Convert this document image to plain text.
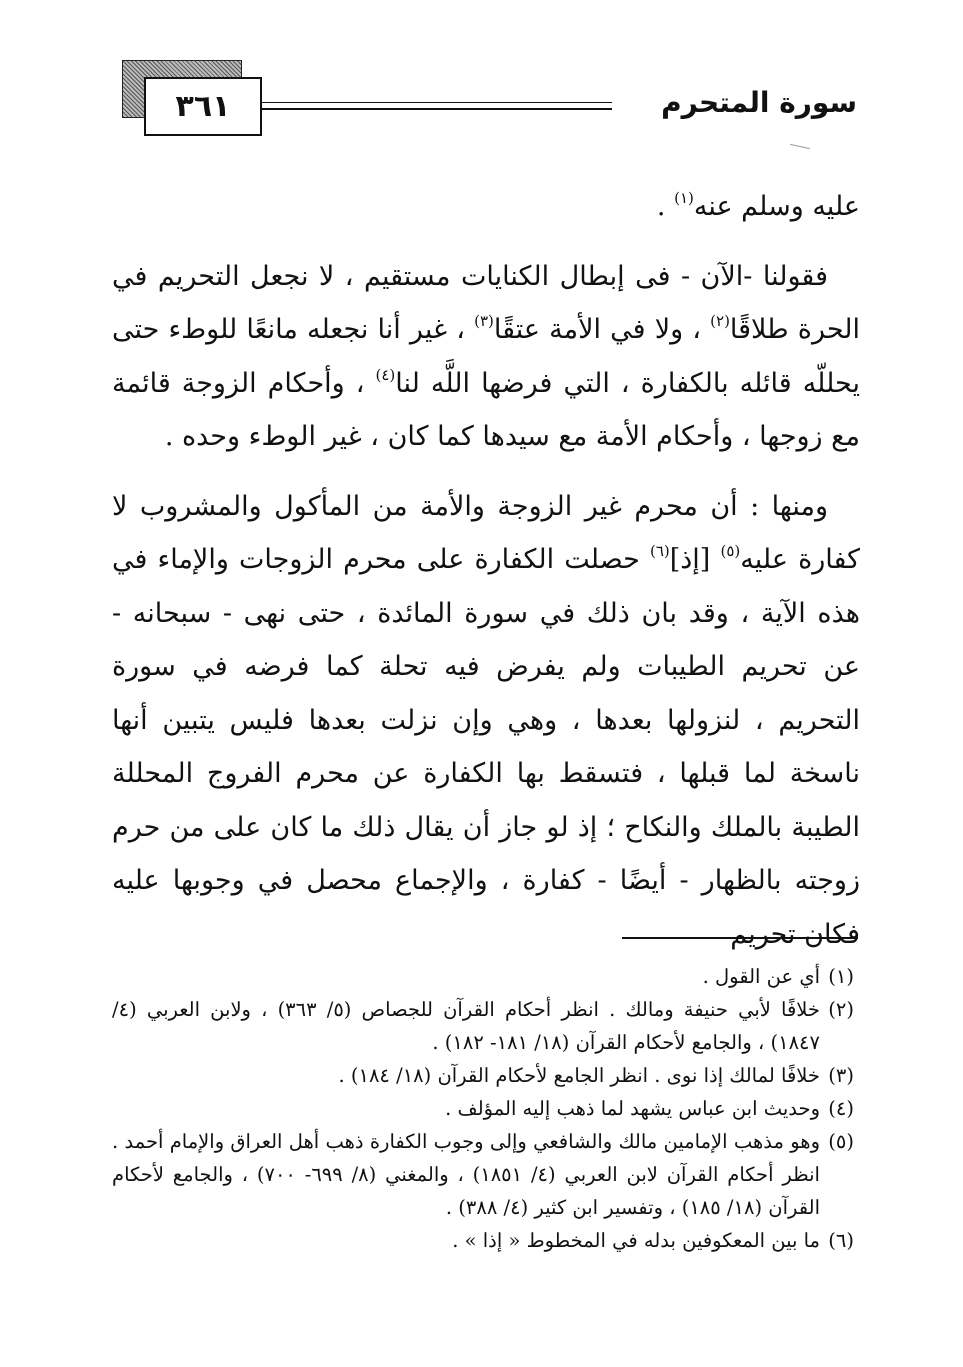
٣٦١	سورة المتحرم

عليه وسلم عنه$^{(١)}$ .

فقولنا -الآن - فى إبطال الكنايات مستقيم ، لا نجعل التحريم في الحرة طلاقًا$^{(٢)}$ ، ولا في الأمة عتقًا$^{(٣)}$ ، غير أنا نجعله مانعًا للوطء حتى يحللّه قائله بالكفارة ، التي فرضها اللَّه لنا$^{(٤)}$ ، وأحكام الزوجة قائمة مع زوجها ، وأحكام الأمة مع سيدها كما كان ، غير الوطء وحده .

ومنها : أن محرم غير الزوجة والأمة من المأكول والمشروب لا كفارة عليه$^{(٥)}$ [إذ]$^{(٦)}$ حصلت الكفارة على محرم الزوجات والإماء في هذه الآية ، وقد بان ذلك في سورة المائدة ، حتى نهى - سبحانه - عن تحريم الطيبات ولم يفرض فيه تحلة كما فرضه في سورة التحريم ، لنزولها بعدها ، وهي وإن نزلت بعدها فليس يتبين أنها ناسخة لما قبلها ، فتسقط بها الكفارة عن محرم الفروج المحللة الطيبة بالملك والنكاح ؛ إذ لو جاز أن يقال ذلك ما كان على من حرم زوجته بالظهار - أيضًا - كفارة ، والإجماع محصل في وجوبها عليه فكان تحريم

(١)
أي عن القول .
(٢)
خلافًا لأبي حنيفة ومالك . انظر أحكام القرآن للجصاص (٥/ ٣٦٣) ، ولابن العربي (٤/ ١٨٤٧) ، والجامع لأحكام القرآن (١٨/ ١٨١- ١٨٢) .
(٣)
خلافًا لمالك إذا نوى . انظر الجامع لأحكام القرآن (١٨/ ١٨٤) .
(٤)
وحديث ابن عباس يشهد لما ذهب إليه المؤلف .
(٥)
وهو مذهب الإمامين مالك والشافعي وإلى وجوب الكفارة ذهب أهل العراق والإمام أحمد . انظر أحكام القرآن لابن العربي (٤/ ١٨٥١) ، والمغني (٨/ ٦٩٩- ٧٠٠) ، والجامع لأحكام القرآن (١٨/ ١٨٥) ، وتفسير ابن كثير (٤/ ٣٨٨) .
(٦)
ما بين المعكوفين بدله في المخطوط « إذا » .
